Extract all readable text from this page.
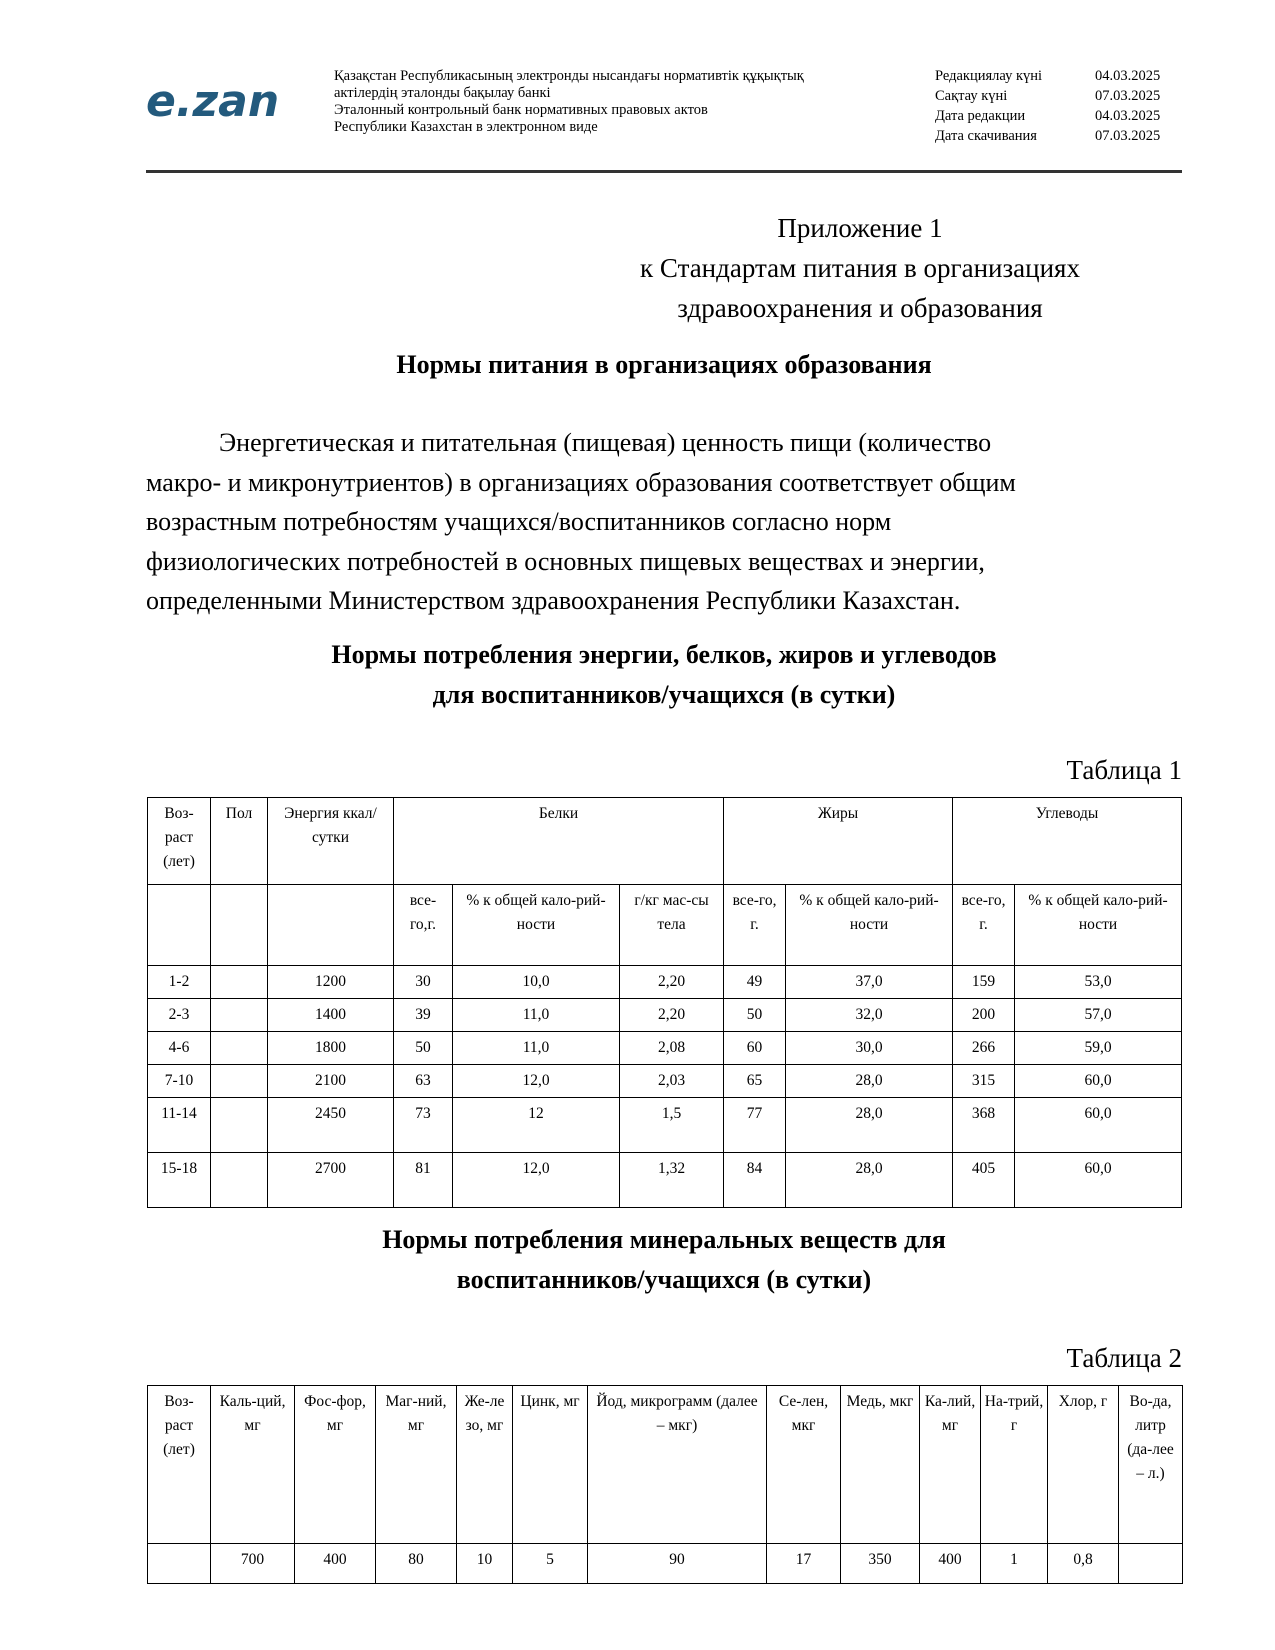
e.zan	Қазақстан Республикасының электронды нысандағы нормативтік құқықтық
актілердің эталонды бақылау банкі
Эталонный контрольный банк нормативных правовых актов
Республики Казахстан в электронном виде
Редакциялау күні	04.03.2025
Сақтау күні	07.03.2025
Дата редакции	04.03.2025
Дата скачивания	07.03.2025
Приложение 1
к Стандартам питания в организациях
здравоохранения и образования
Нормы питания в организациях образования
Энергетическая и питательная (пищевая) ценность пищи (количество
макро- и микронутриентов) в организациях образования соответствует общим
возрастным потребностям учащихся/воспитанников согласно норм
физиологических потребностей в основных пищевых веществах и энергии,
определенными Министерством здравоохранения Республики Казахстан.
Нормы потребления энергии, белков, жиров и углеводов
для воспитанников/учащихся (в сутки)
Таблица 1
Воз-раст (лет)	Пол	Энергия ккал/сутки	Белки			Жиры		Углеводы	
			все-го,г.	% к общей кало-рий-ности	г/кг мас-сы тела	все-го, г.	% к общей кало-рий-ности	все-го, г.	% к общей кало-рий-ности
1-2		1200	30	10,0	2,20	49	37,0	159	53,0
2-3		1400	39	11,0	2,20	50	32,0	200	57,0
4-6		1800	50	11,0	2,08	60	30,0	266	59,0
7-10		2100	63	12,0	2,03	65	28,0	315	60,0
11-14		2450	73	12	1,5	77	28,0	368	60,0
15-18		2700	81	12,0	1,32	84	28,0	405	60,0
Нормы потребления минеральных веществ для
воспитанников/учащихся (в сутки)
Таблица 2
Воз-раст (лет)	Каль-ций, мг	Фос-фор, мг	Маг-ний, мг	Же-ле зо, мг	Цинк, мг	Йод, микрограмм (далее – мкг)	Се-лен, мкг	Медь, мкг	Ка-лий, мг	На-трий, г	Хлор, г	Во-да, литр (да-лее – л.)
	700	400	80	10	5	90	17	350	400	1	0,8	
